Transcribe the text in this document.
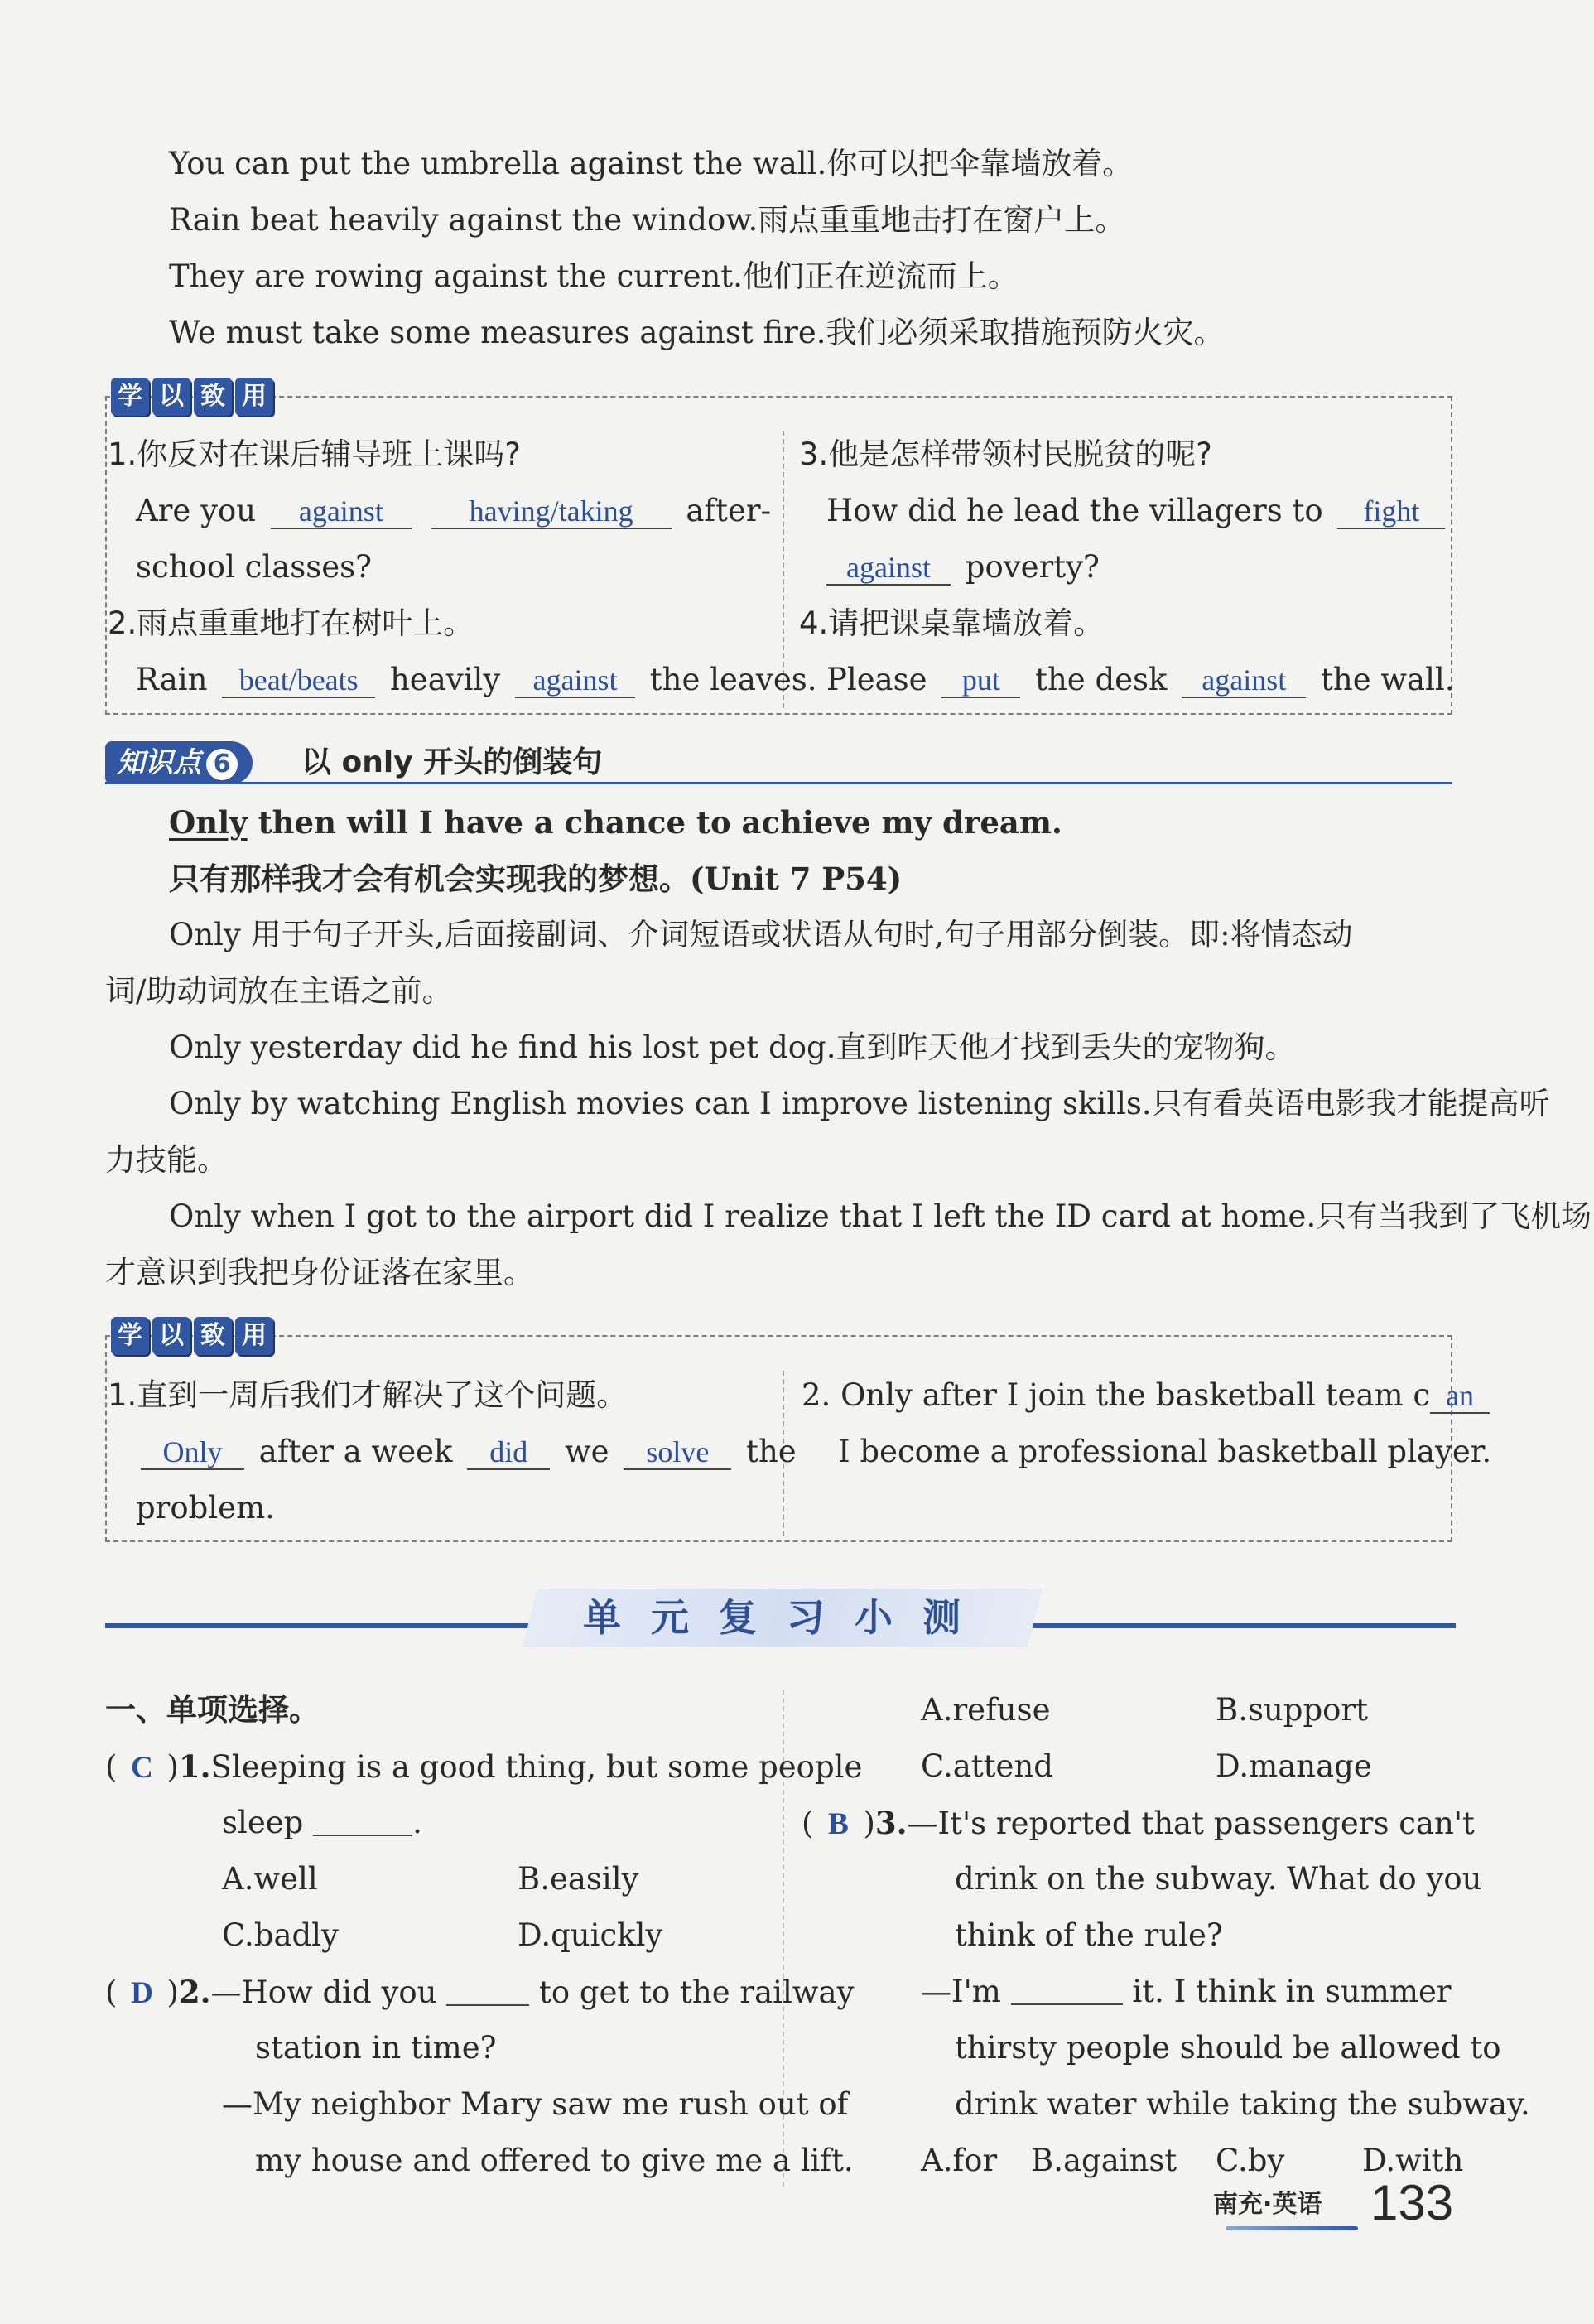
You can put the umbrella against the wall.你可以把伞靠墙放着。
Rain beat heavily against the window.雨点重重地击打在窗户上。
They are rowing against the current.他们正在逆流而上。
We must take some measures against fire.我们必须采取措施预防火灾。
学 以 致 用
1.你反对在课后辅导班上课吗?
Are you against	having/taking after-
school classes?
2.雨点重重地打在树叶上。
Rain beat/beats heavily against the leaves.
3.他是怎样带领村民脱贫的呢?
How did he lead the villagers to fight
against poverty?
4.请把课桌靠墙放着。
Please put the desk against the wall.
知识点 6	以 only 开头的倒装句
Only then will I have a chance to achieve my dream.
只有那样我才会有机会实现我的梦想。(Unit 7 P54)
Only 用于句子开头,后面接副词、介词短语或状语从句时,句子用部分倒装。即:将情态动
词/助动词放在主语之前。
Only yesterday did he find his lost pet dog.直到昨天他才找到丢失的宠物狗。
Only by watching English movies can I improve listening skills.只有看英语电影我才能提高听
力技能。
Only when I got to the airport did I realize that I left the ID card at home.只有当我到了飞机场
才意识到我把身份证落在家里。
学 以 致 用
1.直到一周后我们才解决了这个问题。
Only after a week did we solve the
problem.
2. Only after I join the basketball team c an
I become a professional basketball player.
单元复习小测
一、单项选择。
( C )1.Sleeping is a good thing, but some people
sleep	.
A.well	B.easily
C.badly	D.quickly
( D )2.—How did you	to get to the railway
station in time?
—My neighbor Mary saw me rush out of
my house and offered to give me a lift.
A.refuse	B.support
C.attend	D.manage
( B )3.—It's reported that passengers can't
drink on the subway. What do you
think of the rule?
—I'm	it. I think in summer
thirsty people should be allowed to
drink water while taking the subway.
A.for B.against C.by	D.with
南充·英语 133
